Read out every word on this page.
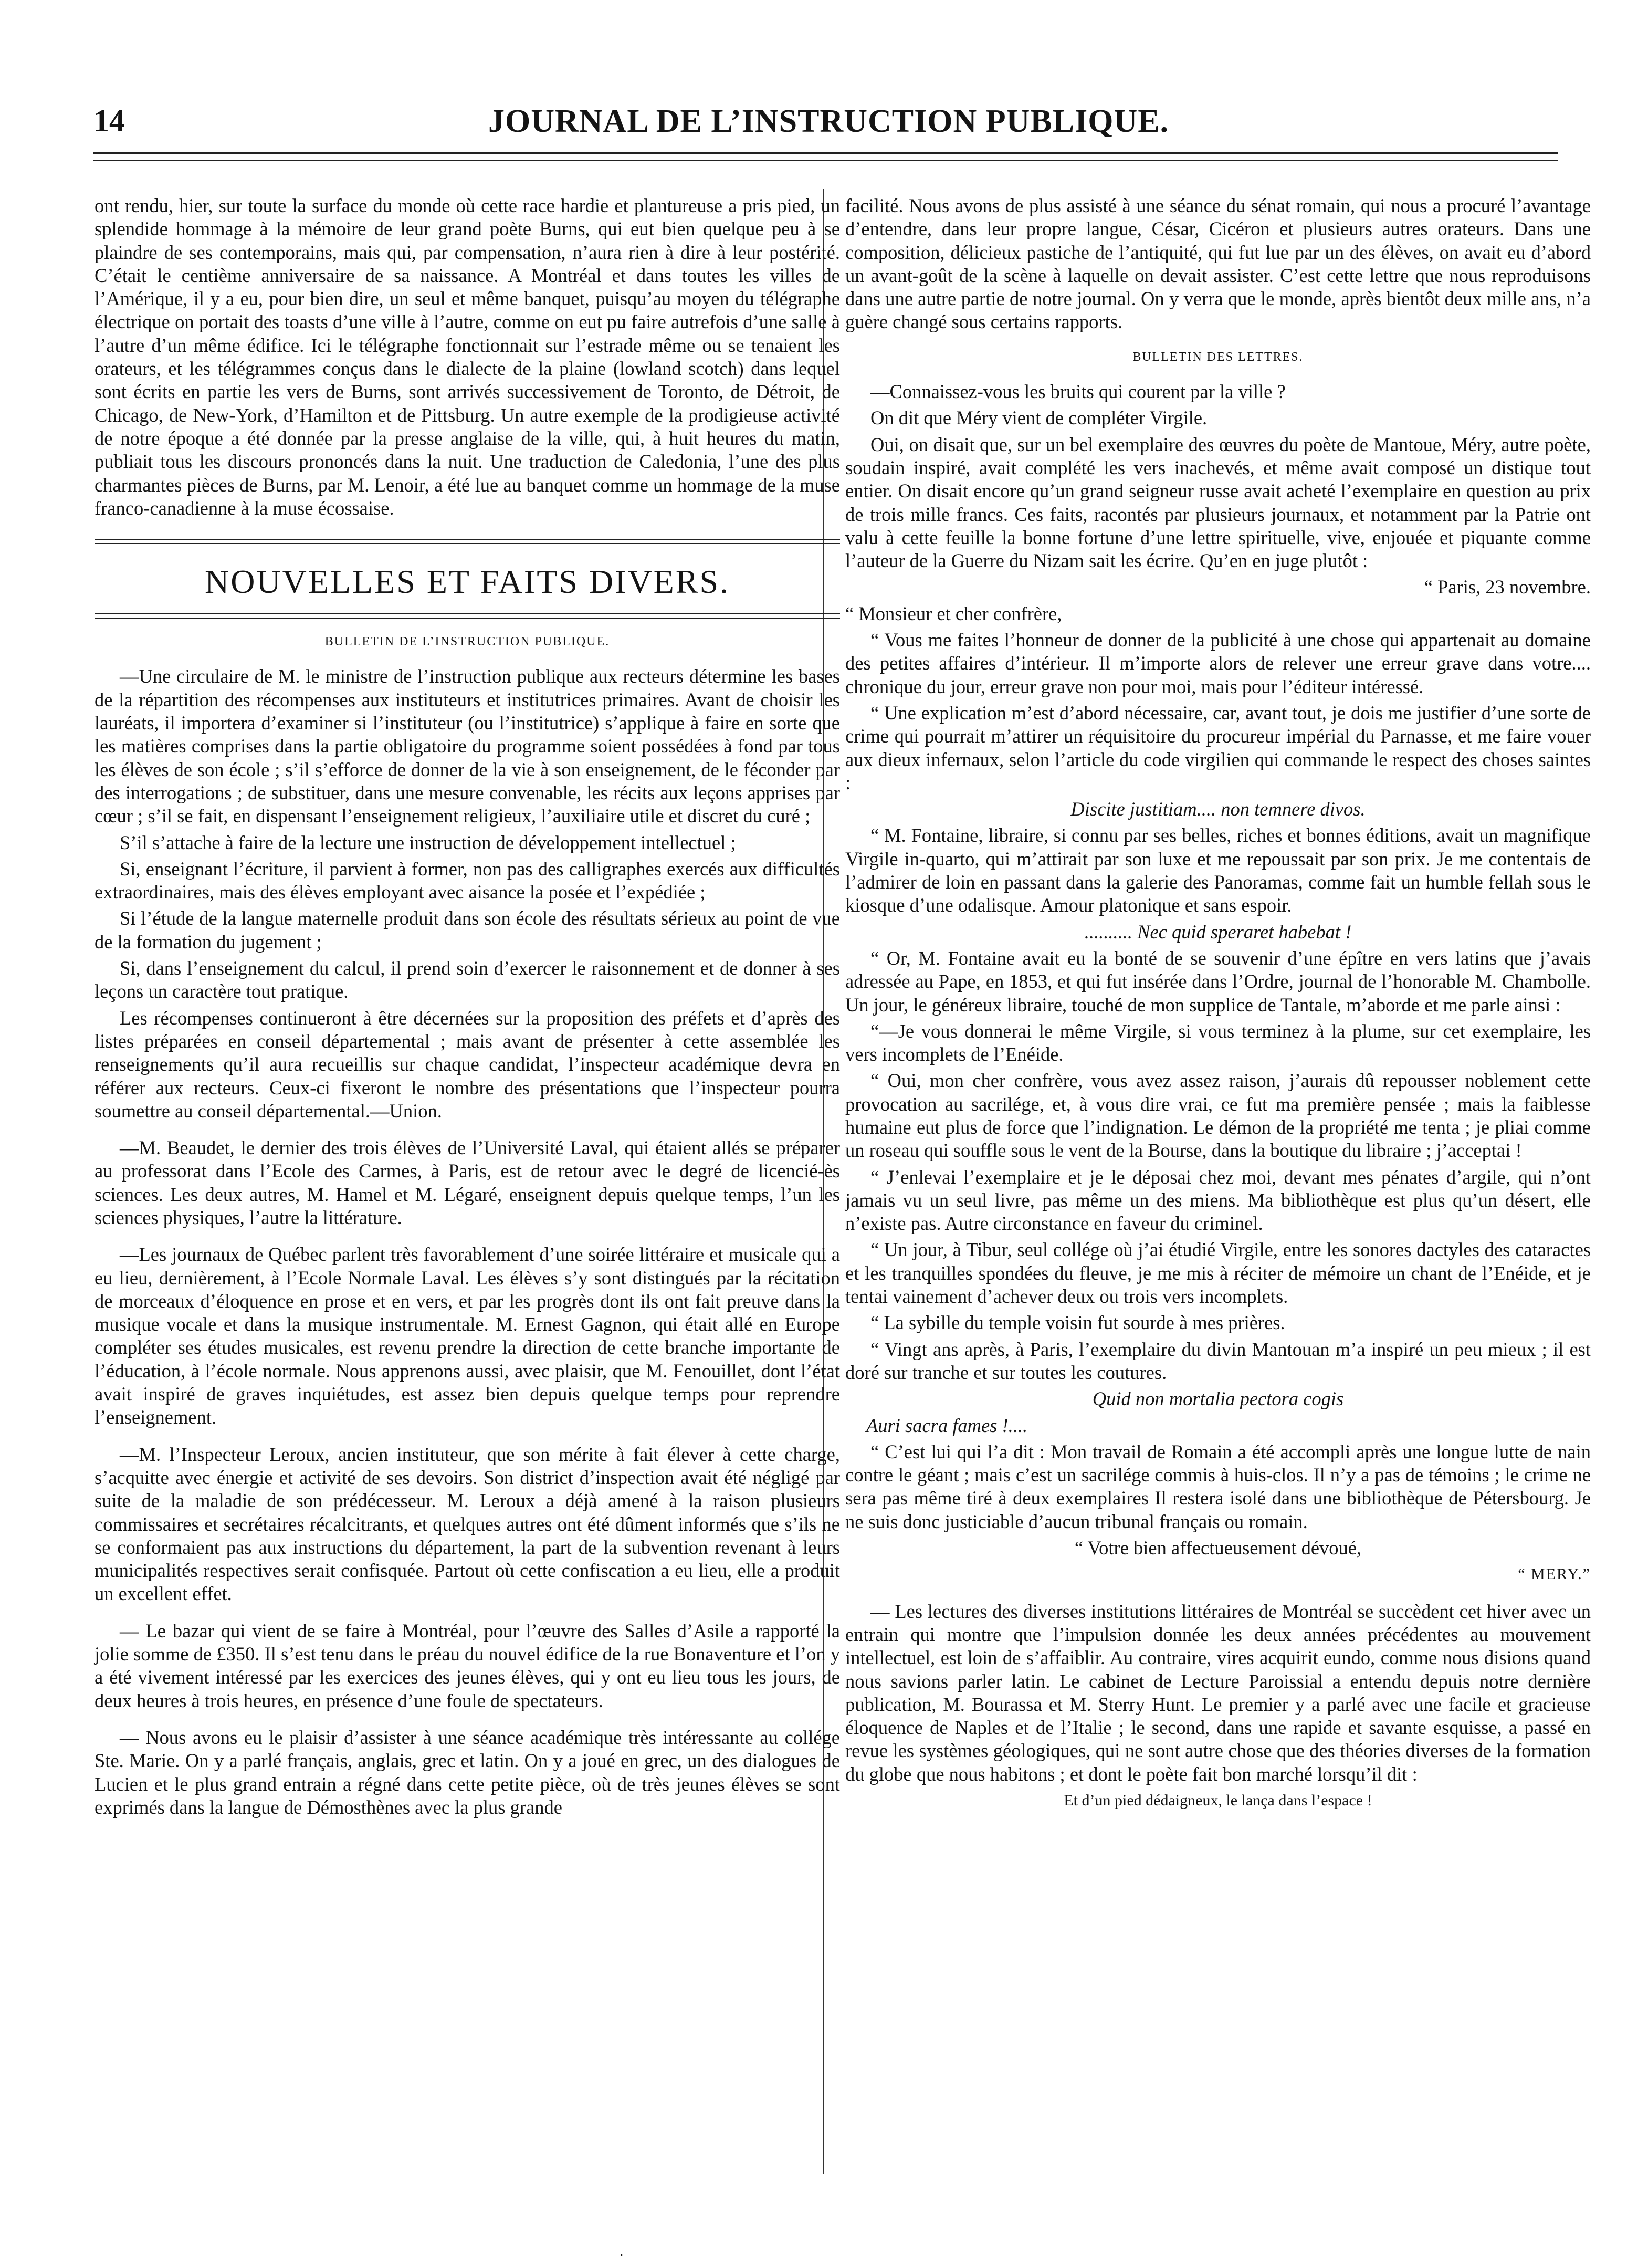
14	JOURNAL DE L’INSTRUCTION PUBLIQUE.

ont rendu, hier, sur toute la surface du monde où cette race hardie et plantureuse a pris pied, un splendide hommage à la mémoire de leur grand poète Burns, qui eut bien quelque peu à se plaindre de ses contemporains, mais qui, par compensation, n’aura rien à dire à leur postérité. C’était le centième anniversaire de sa naissance. A Montréal et dans toutes les villes de l’Amérique, il y a eu, pour bien dire, un seul et même banquet, puisqu’au moyen du télégraphe électrique on portait des toasts d’une ville à l’autre, comme on eut pu faire autrefois d’une salle à l’autre d’un même édifice. Ici le télégraphe fonctionnait sur l’estrade même ou se tenaient les orateurs, et les télégrammes conçus dans le dialecte de la plaine (lowland scotch) dans lequel sont écrits en partie les vers de Burns, sont arrivés successivement de Toronto, de Détroit, de Chicago, de New-York, d’Hamilton et de Pittsburg. Un autre exemple de la prodigieuse activité de notre époque a été donnée par la presse anglaise de la ville, qui, à huit heures du matin, publiait tous les discours prononcés dans la nuit. Une traduction de Caledonia, l’une des plus charmantes pièces de Burns, par M. Lenoir, a été lue au banquet comme un hommage de la muse franco-canadienne à la muse écossaise.

NOUVELLES ET FAITS DIVERS.
BULLETIN DE L’INSTRUCTION PUBLIQUE.

—Une circulaire de M. le ministre de l’instruction publique aux recteurs détermine les bases de la répartition des récompenses aux instituteurs et institutrices primaires. Avant de choisir les lauréats, il importera d’examiner si l’instituteur (ou l’institutrice) s’applique à faire en sorte que les matières comprises dans la partie obligatoire du programme soient possédées à fond par tous les élèves de son école ; s’il s’efforce de donner de la vie à son enseignement, de le féconder par des interrogations ; de substituer, dans une mesure convenable, les récits aux leçons apprises par cœur ; s’il se fait, en dispensant l’enseignement religieux, l’auxiliaire utile et discret du curé ;

S’il s’attache à faire de la lecture une instruction de développement intellectuel ;

Si, enseignant l’écriture, il parvient à former, non pas des calligraphes exercés aux difficultés extraordinaires, mais des élèves employant avec aisance la posée et l’expédiée ;

Si l’étude de la langue maternelle produit dans son école des résultats sérieux au point de vue de la formation du jugement ;

Si, dans l’enseignement du calcul, il prend soin d’exercer le raisonnement et de donner à ses leçons un caractère tout pratique.

Les récompenses continueront à être décernées sur la proposition des préfets et d’après des listes préparées en conseil départemental ; mais avant de présenter à cette assemblée les renseignements qu’il aura recueillis sur chaque candidat, l’inspecteur académique devra en référer aux recteurs. Ceux-ci fixeront le nombre des présentations que l’inspecteur pourra soumettre au conseil départemental.—Union.

—M. Beaudet, le dernier des trois élèves de l’Université Laval, qui étaient allés se préparer au professorat dans l’Ecole des Carmes, à Paris, est de retour avec le degré de licencié-ès sciences. Les deux autres, M. Hamel et M. Légaré, enseignent depuis quelque temps, l’un les sciences physiques, l’autre la littérature.

—Les journaux de Québec parlent très favorablement d’une soirée littéraire et musicale qui a eu lieu, dernièrement, à l’Ecole Normale Laval. Les élèves s’y sont distingués par la récitation de morceaux d’éloquence en prose et en vers, et par les progrès dont ils ont fait preuve dans la musique vocale et dans la musique instrumentale. M. Ernest Gagnon, qui était allé en Europe compléter ses études musicales, est revenu prendre la direction de cette branche importante de l’éducation, à l’école normale. Nous apprenons aussi, avec plaisir, que M. Fenouillet, dont l’état avait inspiré de graves inquiétudes, est assez bien depuis quelque temps pour reprendre l’enseignement.

—M. l’Inspecteur Leroux, ancien instituteur, que son mérite à fait élever à cette charge, s’acquitte avec énergie et activité de ses devoirs. Son district d’inspection avait été négligé par suite de la maladie de son prédécesseur. M. Leroux a déjà amené à la raison plusieurs commissaires et secrétaires récalcitrants, et quelques autres ont été dûment informés que s’ils ne se conformaient pas aux instructions du département, la part de la subvention revenant à leurs municipalités respectives serait confisquée. Partout où cette confiscation a eu lieu, elle a produit un excellent effet.

— Le bazar qui vient de se faire à Montréal, pour l’œuvre des Salles d’Asile a rapporté la jolie somme de £350. Il s’est tenu dans le préau du nouvel édifice de la rue Bonaventure et l’on y a été vivement intéressé par les exercices des jeunes élèves, qui y ont eu lieu tous les jours, de deux heures à trois heures, en présence d’une foule de spectateurs.

— Nous avons eu le plaisir d’assister à une séance académique très intéressante au collége Ste. Marie. On y a parlé français, anglais, grec et latin. On y a joué en grec, un des dialogues de Lucien et le plus grand entrain a régné dans cette petite pièce, où de très jeunes élèves se sont exprimés dans la langue de Démosthènes avec la plus grande

facilité. Nous avons de plus assisté à une séance du sénat romain, qui nous a procuré l’avantage d’entendre, dans leur propre langue, César, Cicéron et plusieurs autres orateurs. Dans une composition, délicieux pastiche de l’antiquité, qui fut lue par un des élèves, on avait eu d’abord un avant-goût de la scène à laquelle on devait assister. C’est cette lettre que nous reproduisons dans une autre partie de notre journal. On y verra que le monde, après bientôt deux mille ans, n’a guère changé sous certains rapports.

BULLETIN DES LETTRES.

—Connaissez-vous les bruits qui courent par la ville ?

On dit que Méry vient de compléter Virgile.

Oui, on disait que, sur un bel exemplaire des œuvres du poète de Mantoue, Méry, autre poète, soudain inspiré, avait complété les vers inachevés, et même avait composé un distique tout entier. On disait encore qu’un grand seigneur russe avait acheté l’exemplaire en question au prix de trois mille francs. Ces faits, racontés par plusieurs journaux, et notamment par la Patrie ont valu à cette feuille la bonne fortune d’une lettre spirituelle, vive, enjouée et piquante comme l’auteur de la Guerre du Nizam sait les écrire. Qu’en en juge plutôt :

“ Paris, 23 novembre.

“ Monsieur et cher confrère,

“ Vous me faites l’honneur de donner de la publicité à une chose qui appartenait au domaine des petites affaires d’intérieur. Il m’importe alors de relever une erreur grave dans votre.... chronique du jour, erreur grave non pour moi, mais pour l’éditeur intéressé.

“ Une explication m’est d’abord nécessaire, car, avant tout, je dois me justifier d’une sorte de crime qui pourrait m’attirer un réquisitoire du procureur impérial du Parnasse, et me faire vouer aux dieux infernaux, selon l’article du code virgilien qui commande le respect des choses saintes :

Discite justitiam.... non temnere divos.

“ M. Fontaine, libraire, si connu par ses belles, riches et bonnes éditions, avait un magnifique Virgile in-quarto, qui m’attirait par son luxe et me repoussait par son prix. Je me contentais de l’admirer de loin en passant dans la galerie des Panoramas, comme fait un humble fellah sous le kiosque d’une odalisque. Amour platonique et sans espoir.

.......... Nec quid speraret habebat !

“ Or, M. Fontaine avait eu la bonté de se souvenir d’une épître en vers latins que j’avais adressée au Pape, en 1853, et qui fut insérée dans l’Ordre, journal de l’honorable M. Chambolle. Un jour, le généreux libraire, touché de mon supplice de Tantale, m’aborde et me parle ainsi :

“—Je vous donnerai le même Virgile, si vous terminez à la plume, sur cet exemplaire, les vers incomplets de l’Enéide.

“ Oui, mon cher confrère, vous avez assez raison, j’aurais dû repousser noblement cette provocation au sacrilége, et, à vous dire vrai, ce fut ma première pensée ; mais la faiblesse humaine eut plus de force que l’indignation. Le démon de la propriété me tenta ; je pliai comme un roseau qui souffle sous le vent de la Bourse, dans la boutique du libraire ; j’acceptai !

“ J’enlevai l’exemplaire et je le déposai chez moi, devant mes pénates d’argile, qui n’ont jamais vu un seul livre, pas même un des miens. Ma bibliothèque est plus qu’un désert, elle n’existe pas. Autre circonstance en faveur du criminel.

“ Un jour, à Tibur, seul collége où j’ai étudié Virgile, entre les sonores dactyles des cataractes et les tranquilles spondées du fleuve, je me mis à réciter de mémoire un chant de l’Enéide, et je tentai vainement d’achever deux ou trois vers incomplets.

“ La sybille du temple voisin fut sourde à mes prières.

“ Vingt ans après, à Paris, l’exemplaire du divin Mantouan m’a inspiré un peu mieux ; il est doré sur tranche et sur toutes les coutures.

Quid non mortalia pectora cogis

Auri sacra fames !....

“ C’est lui qui l’a dit : Mon travail de Romain a été accompli après une longue lutte de nain contre le géant ; mais c’est un sacrilége commis à huis-clos. Il n’y a pas de témoins ; le crime ne sera pas même tiré à deux exemplaires Il restera isolé dans une bibliothèque de Pétersbourg. Je ne suis donc justiciable d’aucun tribunal français ou romain.

“ Votre bien affectueusement dévoué,

“ MERY.”

— Les lectures des diverses institutions littéraires de Montréal se succèdent cet hiver avec un entrain qui montre que l’impulsion donnée les deux années précédentes au mouvement intellectuel, est loin de s’affaiblir. Au contraire, vires acquirit eundo, comme nous disions quand nous savions parler latin. Le cabinet de Lecture Paroissial a entendu depuis notre dernière publication, M. Bourassa et M. Sterry Hunt. Le premier y a parlé avec une facile et gracieuse éloquence de Naples et de l’Italie ; le second, dans une rapide et savante esquisse, a passé en revue les systèmes géologiques, qui ne sont autre chose que des théories diverses de la formation du globe que nous habitons ; et dont le poète fait bon marché lorsqu’il dit :

Et d’un pied dédaigneux, le lança dans l’espace !

.
